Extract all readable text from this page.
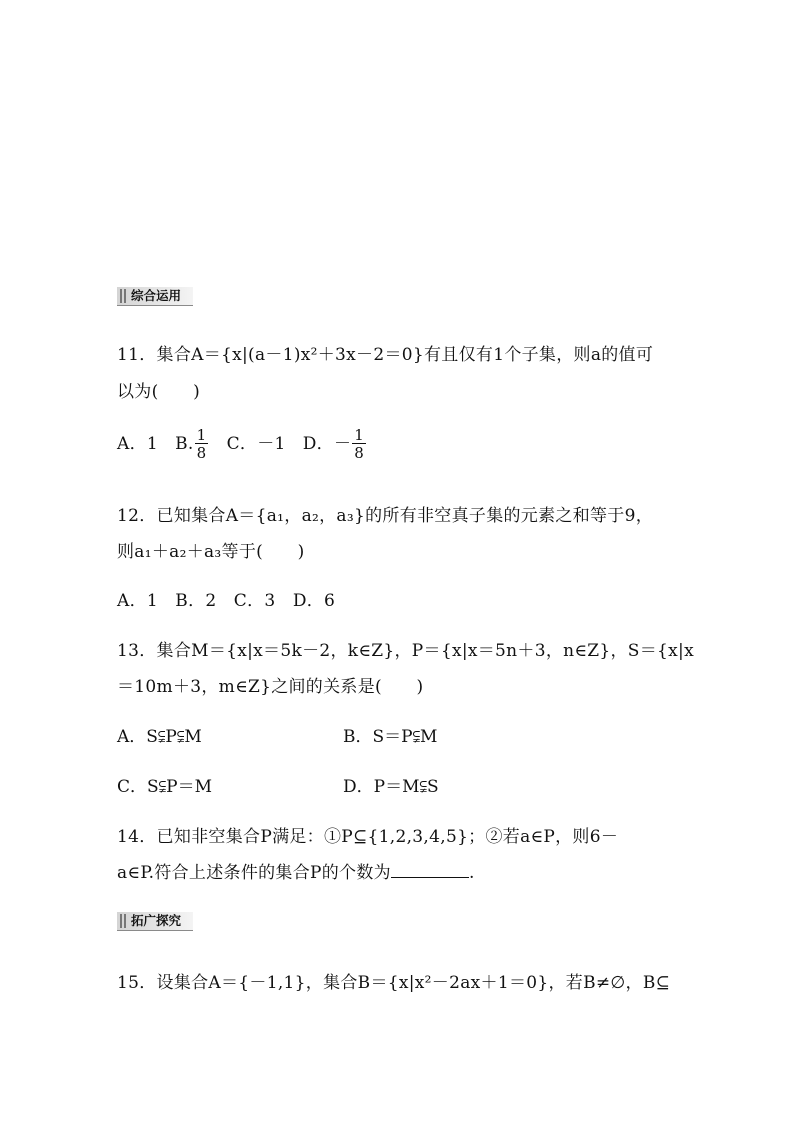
综合运用
11．集合A＝{x|(a－1)x²＋3x－2＝0}有且仅有1个子集，则a的值可
以为(　　)
A．1 B. $\frac{1}{8}$ C．－1 D．－ $\frac{1}{8}$
12．已知集合A＝{a₁，a₂，a₃}的所有非空真子集的元素之和等于9，
则a₁＋a₂＋a₃等于(　　)
A．1　B．2　C．3　D．6
13．集合M＝{x|x＝5k－2，k∈Z}，P＝{x|x＝5n＋3，n∈Z}，S＝{x|x
＝10m＋3，m∈Z}之间的关系是(　　)
A．S⫋P⫋M	B．S＝P⫋M
C．S⫋P＝M	D．P＝M⫋S
14．已知非空集合P满足：①P⊆{1,2,3,4,5}；②若a∈P，则6－
a∈P.符合上述条件的集合P的个数为	.
拓广探究
15．设集合A＝{－1,1}，集合B＝{x|x²－2ax＋1＝0}，若B≠∅，B⊆
